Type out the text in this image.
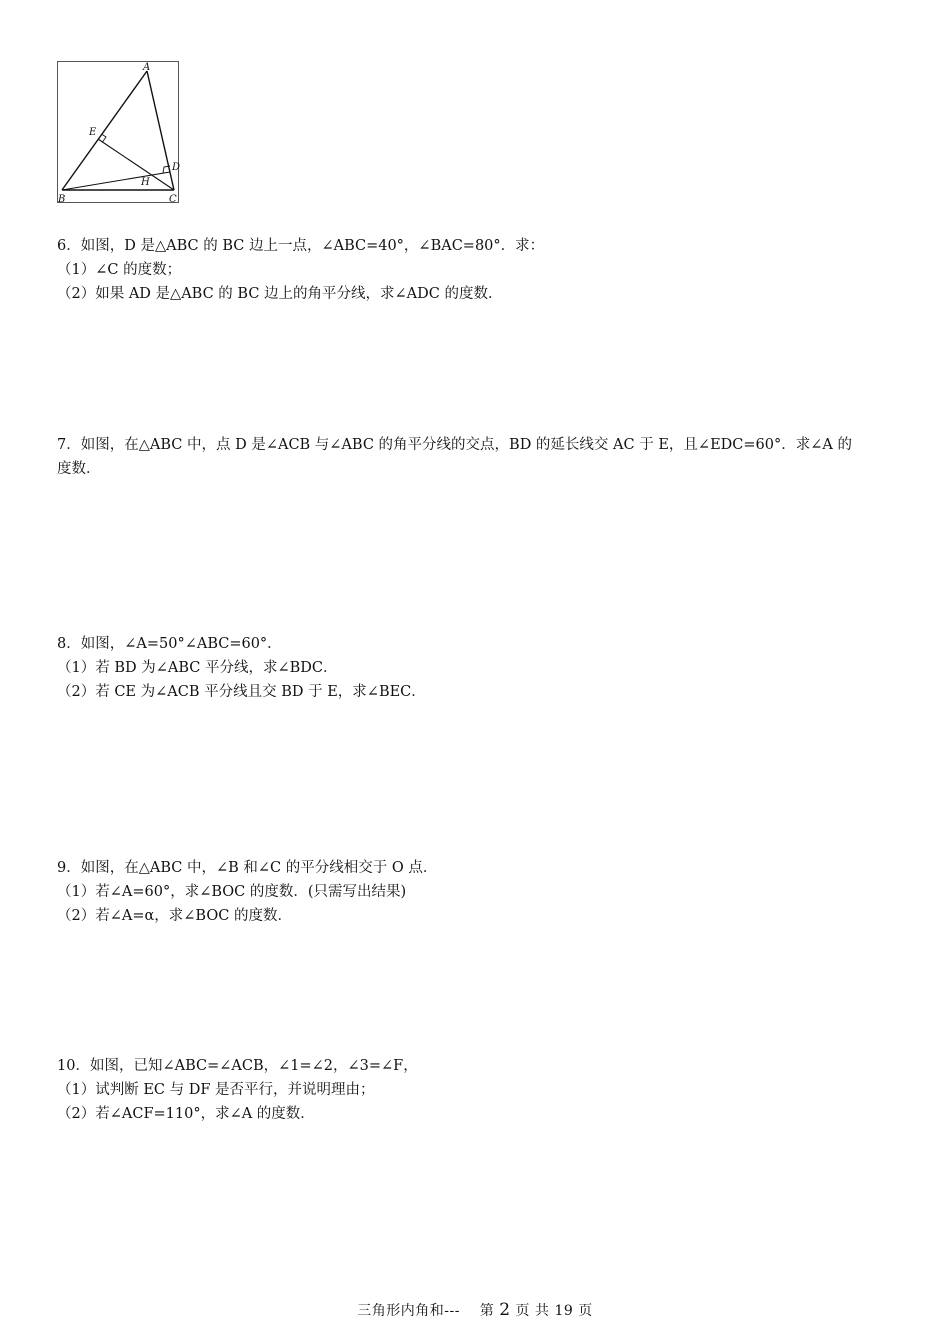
A
B	C
D
E
H
6．如图，D 是△ABC 的 BC 边上一点，∠ABC=40°，∠BAC=80°．求：
（1）∠C 的度数；
（2）如果 AD 是△ABC 的 BC 边上的角平分线，求∠ADC 的度数．
7．如图，在△ABC 中，点 D 是∠ACB 与∠ABC 的角平分线的交点，BD 的延长线交 AC 于 E，且∠EDC=60°．求∠A 的
度数．
8．如图，∠A=50°∠ABC=60°．
（1）若 BD 为∠ABC 平分线，求∠BDC．
（2）若 CE 为∠ACB 平分线且交 BD 于 E，求∠BEC．
9．如图，在△ABC 中，∠B 和∠C 的平分线相交于 O 点．
（1）若∠A=60°，求∠BOC 的度数．(只需写出结果)
（2）若∠A=α，求∠BOC 的度数．
10．如图，已知∠ABC=∠ACB，∠1=∠2，∠3=∠F，
（1）试判断 EC 与 DF 是否平行，并说明理由；
（2）若∠ACF=110°，求∠A 的度数．
三角形内角和--- 第 2 页 共 19 页
